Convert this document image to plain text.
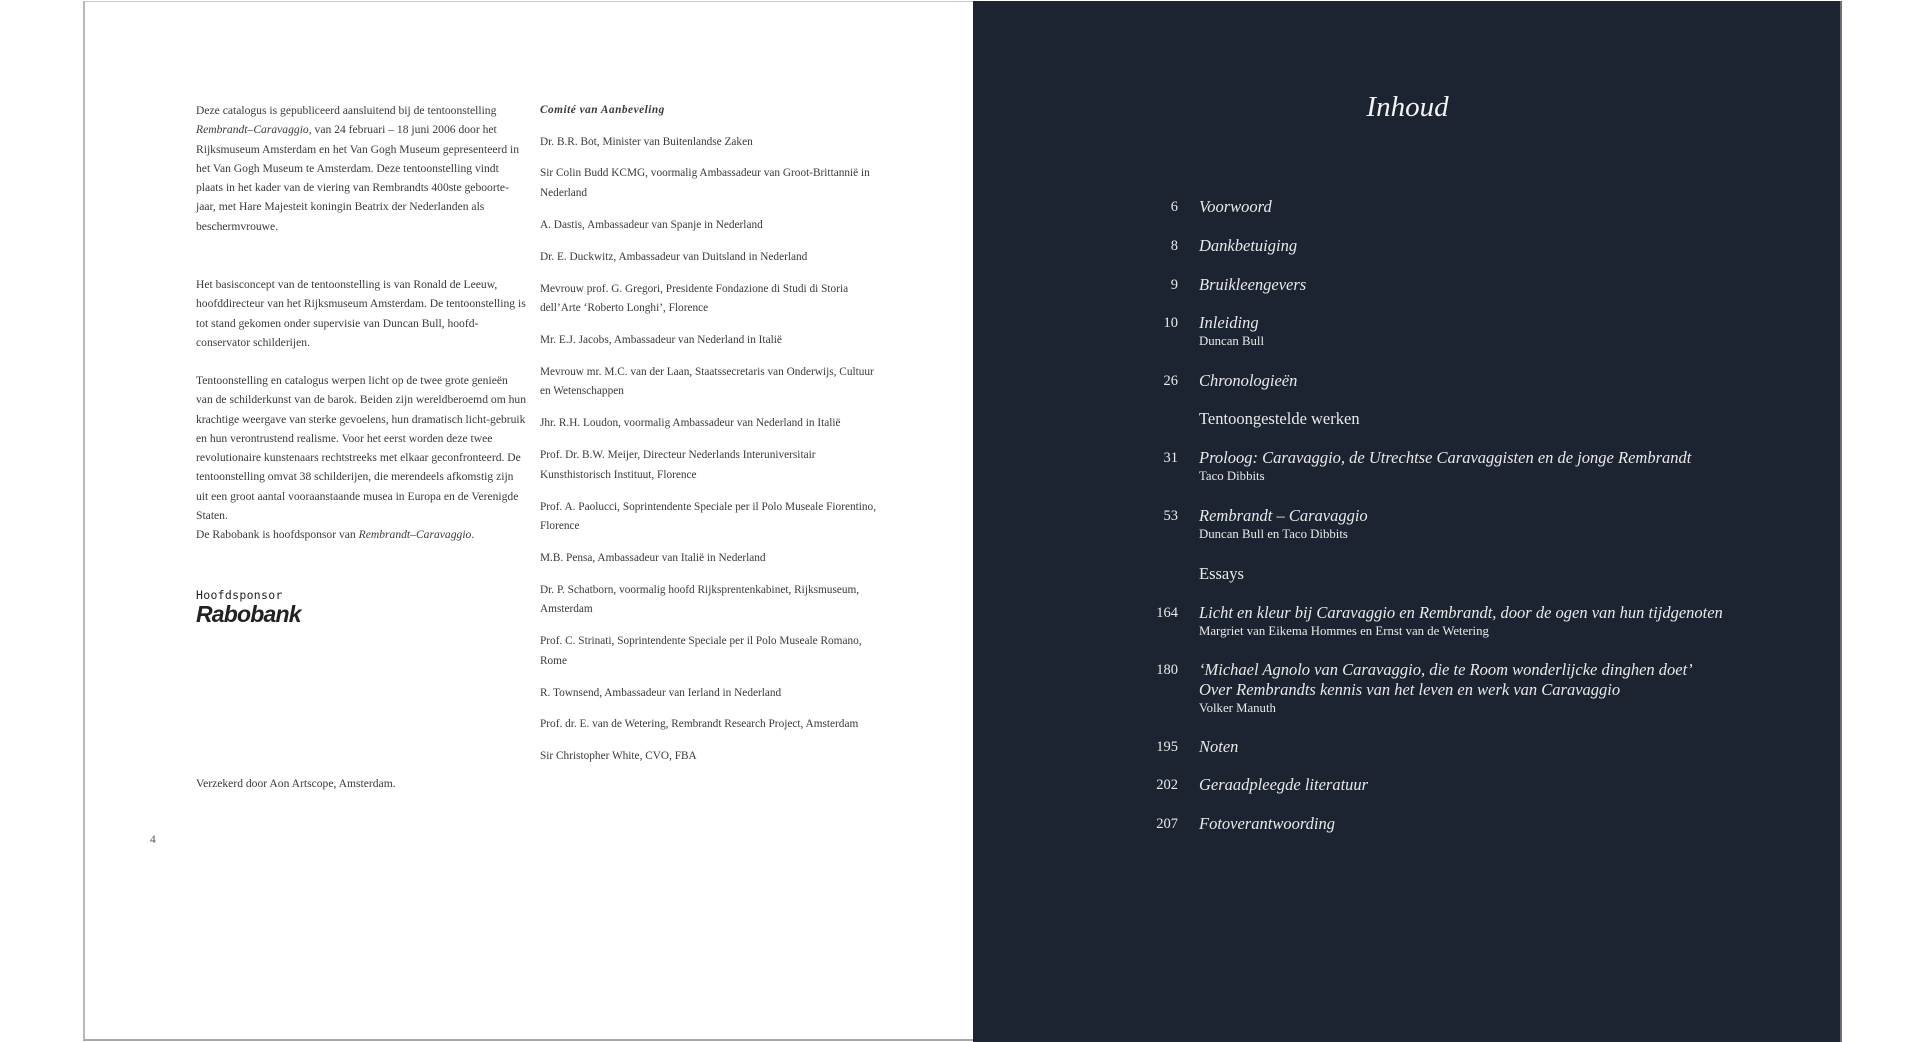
Deze catalogus is gepubliceerd aansluitend bij de tentoonstelling Rembrandt–Caravaggio, van 24 februari – 18 juni 2006 door het Rijksmuseum Amsterdam en het Van Gogh Museum gepresenteerd in het Van Gogh Museum te Amsterdam. Deze tentoonstelling vindt plaats in het kader van de viering van Rembrandts 400ste geboorte-jaar, met Hare Majesteit koningin Beatrix der Nederlanden als beschermvrouwe.

Het basisconcept van de tentoonstelling is van Ronald de Leeuw, hoofddirecteur van het Rijksmuseum Amsterdam. De tentoonstelling is tot stand gekomen onder supervisie van Duncan Bull, hoofd-conservator schilderijen.

Tentoonstelling en catalogus werpen licht op de twee grote genieën van de schilderkunst van de barok. Beiden zijn wereldberoemd om hun krachtige weergave van sterke gevoelens, hun dramatisch licht-gebruik en hun verontrustend realisme. Voor het eerst worden deze twee revolutionaire kunstenaars rechtstreeks met elkaar geconfronteerd. De tentoonstelling omvat 38 schilderijen, die merendeels afkomstig zijn uit een groot aantal vooraanstaande musea in Europa en de Verenigde Staten.

De Rabobank is hoofdsponsor van Rembrandt–Caravaggio.

Hoofdsponsor
Rabobank
Verzekerd door Aon Artscope, Amsterdam.
4
Comité van Aanbeveling
Dr. B.R. Bot, Minister van Buitenlandse Zaken
Sir Colin Budd KCMG, voormalig Ambassadeur van Groot-Brittannië in Nederland
A. Dastis, Ambassadeur van Spanje in Nederland
Dr. E. Duckwitz, Ambassadeur van Duitsland in Nederland
Mevrouw prof. G. Gregori, Presidente Fondazione di Studi di Storia dell’Arte ‘Roberto Longhi’, Florence
Mr. E.J. Jacobs, Ambassadeur van Nederland in Italië
Mevrouw mr. M.C. van der Laan, Staatssecretaris van Onderwijs, Cultuur en Wetenschappen
Jhr. R.H. Loudon, voormalig Ambassadeur van Nederland in Italië
Prof. Dr. B.W. Meijer, Directeur Nederlands Interuniversitair Kunsthistorisch Instituut, Florence
Prof. A. Paolucci, Soprintendente Speciale per il Polo Museale Fiorentino, Florence
M.B. Pensa, Ambassadeur van Italië in Nederland
Dr. P. Schatborn, voormalig hoofd Rijksprentenkabinet, Rijksmuseum, Amsterdam
Prof. C. Strinati, Soprintendente Speciale per il Polo Museale Romano, Rome
R. Townsend, Ambassadeur van Ierland in Nederland
Prof. dr. E. van de Wetering, Rembrandt Research Project, Amsterdam
Sir Christopher White, CVO, FBA
Inhoud
6 Voorwoord
8 Dankbetuiging
9 Bruikleengevers
10 Inleiding
Duncan Bull
26 Chronologieën
Tentoongestelde werken
31 Proloog: Caravaggio, de Utrechtse Caravaggisten en de jonge Rembrandt
Taco Dibbits
53 Rembrandt – Caravaggio
Duncan Bull en Taco Dibbits
Essays
164 Licht en kleur bij Caravaggio en Rembrandt, door de ogen van hun tijdgenoten
Margriet van Eikema Hommes en Ernst van de Wetering
180 ‘Michael Agnolo van Caravaggio, die te Room wonderlijcke dinghen doet’
Over Rembrandts kennis van het leven en werk van Caravaggio
Volker Manuth
195 Noten
202 Geraadpleegde literatuur
207 Fotoverantwoording
